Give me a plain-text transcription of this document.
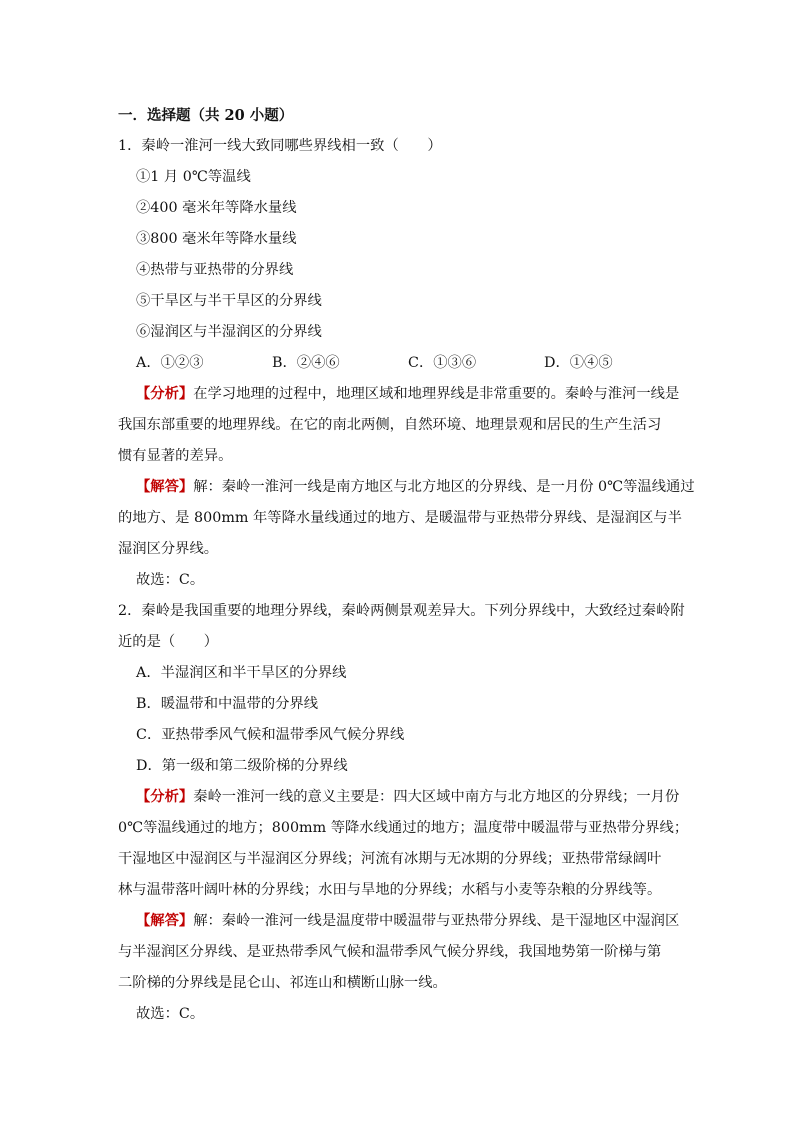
一．选择题（共 20 小题）
1．秦岭一淮河一线大致同哪些界线相一致（　　）
①1 月 0℃等温线
②400 毫米年等降水量线
③800 毫米年等降水量线
④热带与亚热带的分界线
⑤干旱区与半干旱区的分界线
⑥湿润区与半湿润区的分界线
A．①②③	B．②④⑥	C．①③⑥	D．①④⑤
【分析】在学习地理的过程中，地理区域和地理界线是非常重要的。秦岭与淮河一线是
我国东部重要的地理界线。在它的南北两侧，自然环境、地理景观和居民的生产生活习
惯有显著的差异。
【解答】解：秦岭一淮河一线是南方地区与北方地区的分界线、是一月份 0℃等温线通过
的地方、是 800mm 年等降水量线通过的地方、是暖温带与亚热带分界线、是湿润区与半
湿润区分界线。
故选：C。
2．秦岭是我国重要的地理分界线，秦岭两侧景观差异大。下列分界线中，大致经过秦岭附
近的是（　　）
A．半湿润区和半干旱区的分界线
B．暖温带和中温带的分界线
C．亚热带季风气候和温带季风气候分界线
D．第一级和第二级阶梯的分界线
【分析】秦岭一淮河一线的意义主要是：四大区域中南方与北方地区的分界线；一月份
0℃等温线通过的地方；800mm 等降水线通过的地方；温度带中暖温带与亚热带分界线；
干湿地区中湿润区与半湿润区分界线；河流有冰期与无冰期的分界线；亚热带常绿阔叶
林与温带落叶阔叶林的分界线；水田与旱地的分界线；水稻与小麦等杂粮的分界线等。
【解答】解：秦岭一淮河一线是温度带中暖温带与亚热带分界线、是干湿地区中湿润区
与半湿润区分界线、是亚热带季风气候和温带季风气候分界线，我国地势第一阶梯与第
二阶梯的分界线是昆仑山、祁连山和横断山脉一线。
故选：C。
